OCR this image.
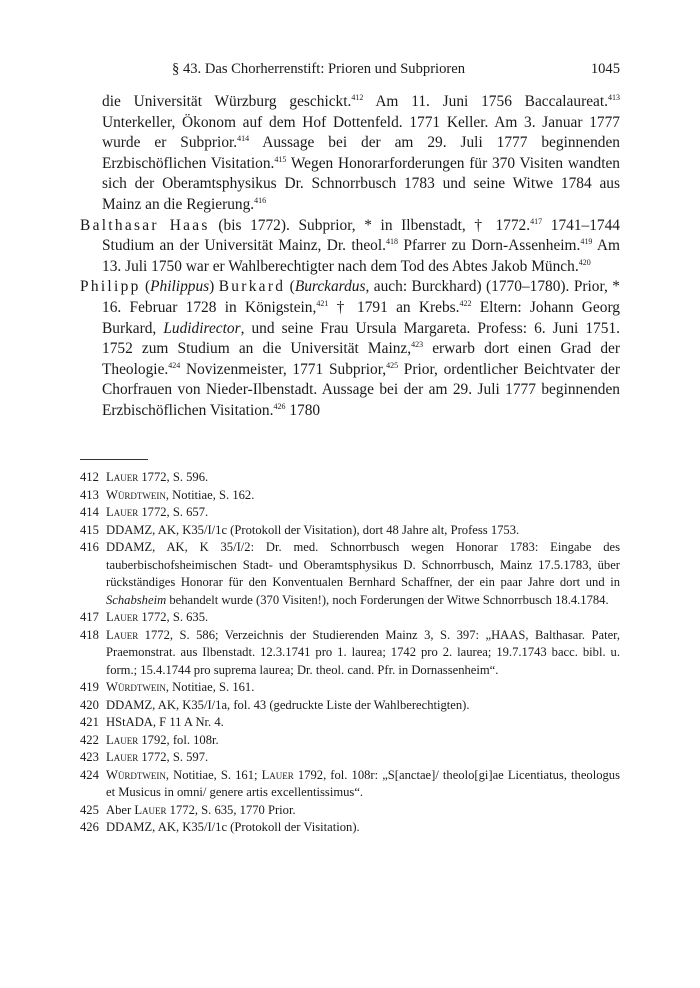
§ 43. Das Chorherrenstift: Prioren und Subprioren	1045

die Universität Würzburg geschickt.$^{412}$ Am 11. Juni 1756 Baccalaureat.$^{413}$ Unterkeller, Ökonom auf dem Hof Dottenfeld. 1771 Keller. Am 3. Januar 1777 wurde er Subprior.$^{414}$ Aussage bei der am 29. Juli 1777 beginnenden Erzbischöflichen Visitation.$^{415}$ Wegen Honorarforderungen für 370 Visiten wandten sich der Oberamtsphysikus Dr. Schnorrbusch 1783 und seine Witwe 1784 aus Mainz an die Regierung.$^{416}$

Balthasar Haas (bis 1772). Subprior, * in Ilbenstadt, † 1772.$^{417}$ 1741–1744 Studium an der Universität Mainz, Dr. theol.$^{418}$ Pfarrer zu Dorn-Assenheim.$^{419}$ Am 13. Juli 1750 war er Wahlberechtigter nach dem Tod des Abtes Jakob Münch.$^{420}$

Philipp (Philippus) Burkard (Burckardus, auch: Burckhard) (1770–1780). Prior, * 16. Februar 1728 in Königstein,$^{421}$ † 1791 an Krebs.$^{422}$ Eltern: Johann Georg Burkard, Ludidirector, und seine Frau Ursula Margareta. Profess: 6. Juni 1751. 1752 zum Studium an die Universität Mainz,$^{423}$ erwarb dort einen Grad der Theologie.$^{424}$ Novizenmeister, 1771 Subprior,$^{425}$ Prior, ordentlicher Beichtvater der Chorfrauen von Nieder-Ilbenstadt. Aussage bei der am 29. Juli 1777 beginnenden Erzbischöflichen Visitation.$^{426}$ 1780

412 Lauer 1772, S. 596.
413 Würdtwein, Notitiae, S. 162.
414 Lauer 1772, S. 657.
415 DDAMZ, AK, K35/I/1c (Protokoll der Visitation), dort 48 Jahre alt, Profess 1753.
416 DDAMZ, AK, K 35/I/2: Dr. med. Schnorrbusch wegen Honorar 1783: Eingabe des tauberbischofsheimischen Stadt- und Oberamtsphysikus D. Schnorrbusch, Mainz 17.5.1783, über rückständiges Honorar für den Konventualen Bernhard Schaffner, der ein paar Jahre dort und in Schabsheim behandelt wurde (370 Visiten!), noch Forderungen der Witwe Schnorrbusch 18.4.1784.
417 Lauer 1772, S. 635.
418 Lauer 1772, S. 586; Verzeichnis der Studierenden Mainz 3, S. 397: „HAAS, Balthasar. Pater, Praemonstrat. aus Ilbenstadt. 12.3.1741 pro 1. laurea; 1742 pro 2. laurea; 19.7.1743 bacc. bibl. u. form.; 15.4.1744 pro suprema laurea; Dr. theol. cand. Pfr. in Dornassenheim“.
419 Würdtwein, Notitiae, S. 161.
420 DDAMZ, AK, K35/I/1a, fol. 43 (gedruckte Liste der Wahlberechtigten).
421 HStADA, F 11 A Nr. 4.
422 Lauer 1792, fol. 108r.
423 Lauer 1772, S. 597.
424 Würdtwein, Notitiae, S. 161; Lauer 1792, fol. 108r: „S[anctae]/ theolo[gi]ae Licentiatus, theologus et Musicus in omni/ genere artis excellentissimus“.
425 Aber Lauer 1772, S. 635, 1770 Prior.
426 DDAMZ, AK, K35/I/1c (Protokoll der Visitation).
